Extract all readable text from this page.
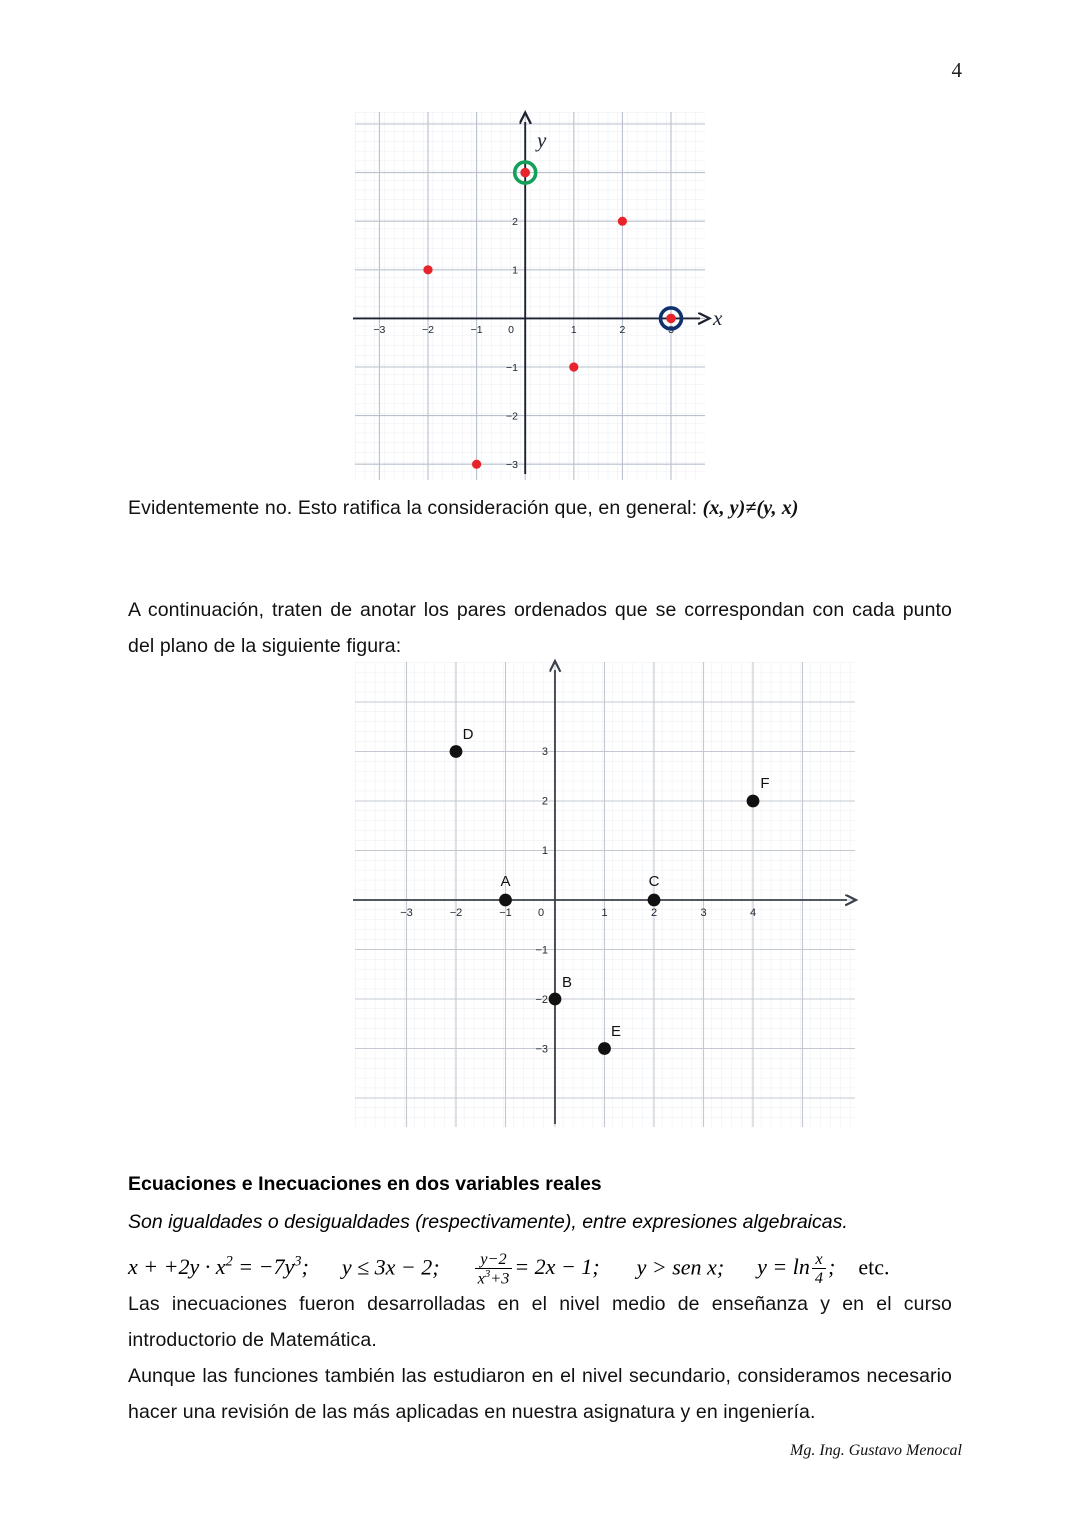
4
x
y
−3	−2	−1 0	1	2	3
2
1
−1
−2
−3

Evidentemente no. Esto ratifica la consideración que, en general: (x, y)≠(y, x)

A continuación, traten de anotar los pares ordenados que se correspondan con cada punto del plano de la siguiente figura:

−3	−2	−1 0	1	2	3	4
3
2
1
−1
−2
−3
A
B
C
D
E
F
Ecuaciones e Inecuaciones en dos variables reales

Son igualdades o desigualdades (respectivamente), entre expresiones algebraicas.

$x + +2y \cdot x^2 = -7y^3$; y ≤ 3x − 2; $\frac{y-2}{x^3+3} = 2x - 1$; y > sen x; $y = \ln \frac{x}{4}$ ; etc.

Las inecuaciones fueron desarrolladas en el nivel medio de enseñanza y en el curso introductorio de Matemática.

Aunque las funciones también las estudiaron en el nivel secundario, consideramos necesario hacer una revisión de las más aplicadas en nuestra asignatura y en ingeniería.

Mg. Ing. Gustavo Menocal
